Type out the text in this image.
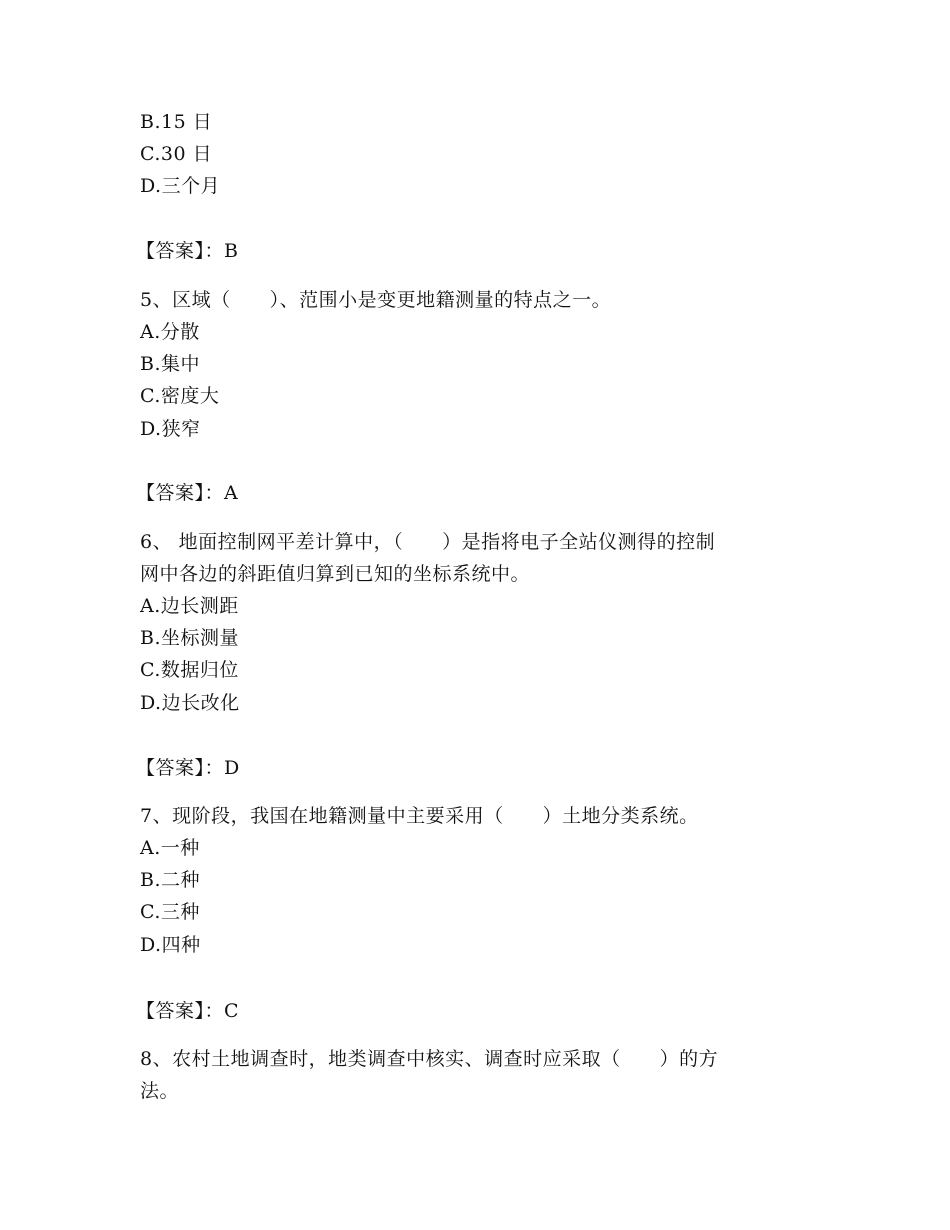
B.15 日
C.30 日
D.三个月
【答案】：B
5、区域（　　）、范围小是变更地籍测量的特点之一。
A.分散
B.集中
C.密度大
D.狭窄
【答案】：A
6、 地面控制网平差计算中，（　　）是指将电子全站仪测得的控制
网中各边的斜距值归算到已知的坐标系统中。
A.边长测距
B.坐标测量
C.数据归位
D.边长改化
【答案】：D
7、现阶段，我国在地籍测量中主要采用（　　）土地分类系统。
A.一种
B.二种
C.三种
D.四种
【答案】：C
8、农村土地调查时，地类调查中核实、调查时应采取（　　）的方
法。
